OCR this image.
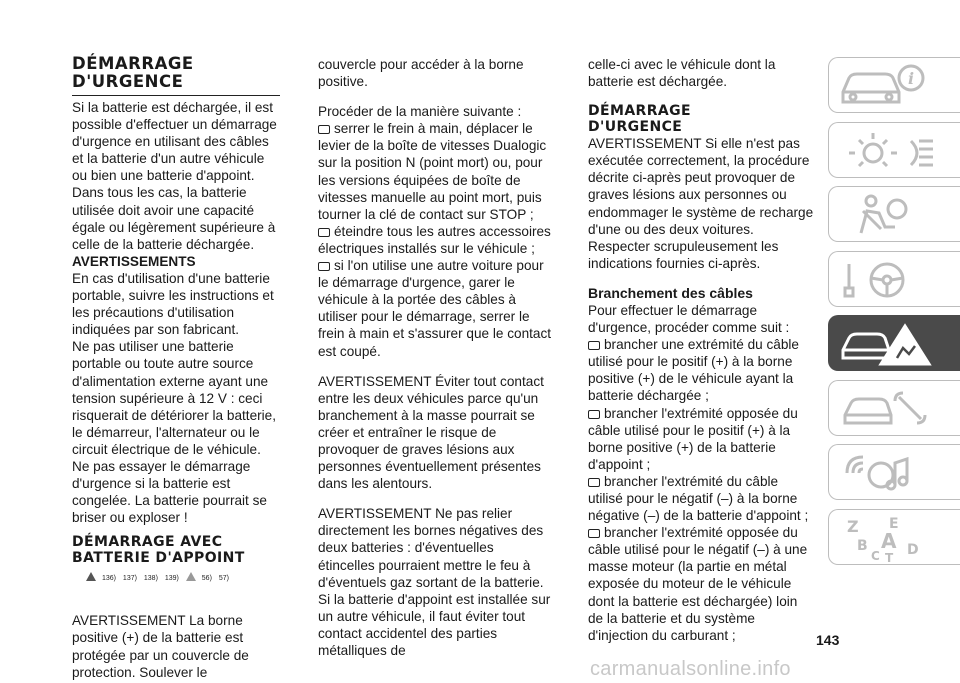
DÉMARRAGE
D'URGENCE

Si la batterie est déchargée, il est possible d'effectuer un démarrage d'urgence en utilisant des câbles et la batterie d'un autre véhicule ou bien une batterie d'appoint. Dans tous les cas, la batterie utilisée doit avoir une capacité égale ou légèrement supérieure à celle de la batterie déchargée.

AVERTISSEMENTS

En cas d'utilisation d'une batterie portable, suivre les instructions et les précautions d'utilisation indiquées par son fabricant.

Ne pas utiliser une batterie portable ou toute autre source d'alimentation externe ayant une tension supérieure à 12 V : ceci risquerait de détériorer la batterie, le démarreur, l'alternateur ou le circuit électrique de le véhicule.

Ne pas essayer le démarrage d'urgence si la batterie est congelée. La batterie pourrait se briser ou exploser !

DÉMARRAGE AVEC
BATTERIE D'APPOINT
136) 137) 138) 139)	56) 57)

AVERTISSEMENT La borne positive (+) de la batterie est protégée par un couvercle de protection. Soulever le

couvercle pour accéder à la borne positive.

Procéder de la manière suivante :

serrer le frein à main, déplacer le levier de la boîte de vitesses Dualogic sur la position N (point mort) ou, pour les versions équipées de boîte de vitesses manuelle au point mort, puis tourner la clé de contact sur STOP ;

éteindre tous les autres accessoires électriques installés sur le véhicule ;

si l'on utilise une autre voiture pour le démarrage d'urgence, garer le véhicule à la portée des câbles à utiliser pour le démarrage, serrer le frein à main et s'assurer que le contact est coupé.

AVERTISSEMENT Éviter tout contact entre les deux véhicules parce qu'un branchement à la masse pourrait se créer et entraîner le risque de provoquer de graves lésions aux personnes éventuellement présentes dans les alentours.

AVERTISSEMENT Ne pas relier directement les bornes négatives des deux batteries : d'éventuelles étincelles pourraient mettre le feu à d'éventuels gaz sortant de la batterie. Si la batterie d'appoint est installée sur un autre véhicule, il faut éviter tout contact accidentel des parties métalliques de

celle-ci avec le véhicule dont la batterie est déchargée.

DÉMARRAGE
D'URGENCE

AVERTISSEMENT Si elle n'est pas exécutée correctement, la procédure décrite ci-après peut provoquer de graves lésions aux personnes ou endommager le système de recharge d'une ou des deux voitures. Respecter scrupuleusement les indications fournies ci-après.

Branchement des câbles

Pour effectuer le démarrage d'urgence, procéder comme suit :

brancher une extrémité du câble utilisé pour le positif (+) à la borne positive (+) de le véhicule ayant la batterie déchargée ;

brancher l'extrémité opposée du câble utilisé pour le positif (+) à la borne positive (+) de la batterie d'appoint ;

brancher l'extrémité du câble utilisé pour le négatif (–) à la borne négative (–) de la batterie d'appoint ;

brancher l'extrémité opposée du câble utilisé pour le négatif (–) à une masse moteur (la partie en métal exposée du moteur de le véhicule dont la batterie est déchargée) loin de la batterie et du système d'injection du carburant ;

i
Z E
B A
C T D
143
carmanualsonline.info
